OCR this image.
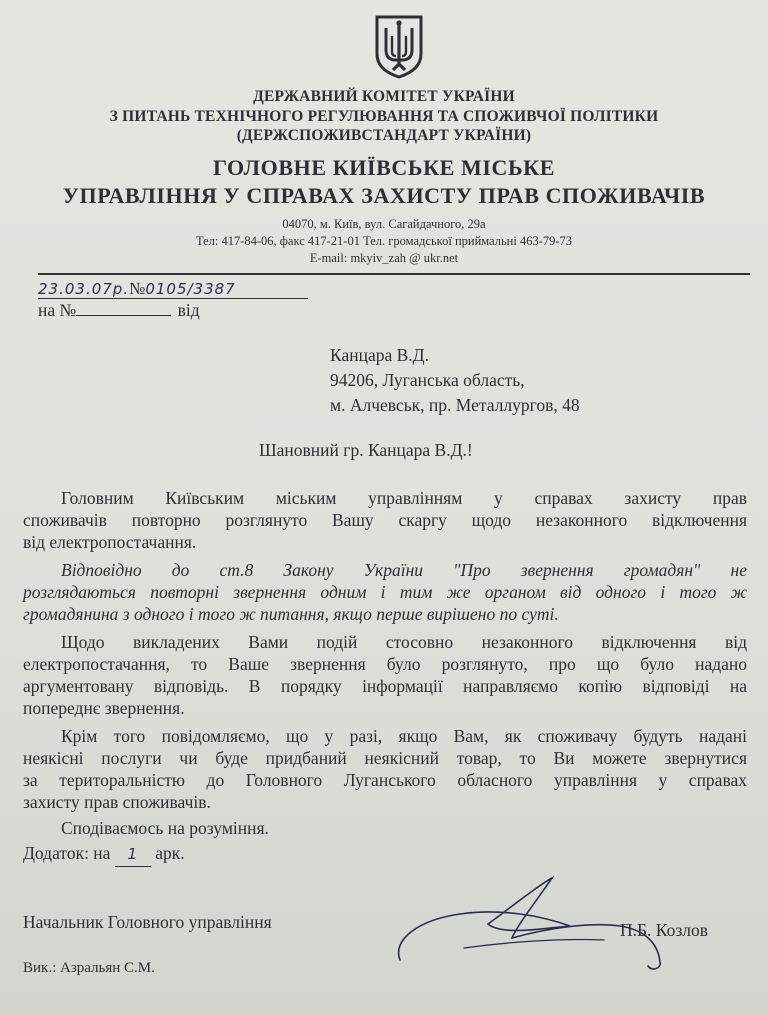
ДЕРЖАВНИЙ КОМІТЕТ УКРАЇНИ
З ПИТАНЬ ТЕХНІЧНОГО РЕГУЛЮВАННЯ ТА СПОЖИВЧОЇ ПОЛІТИКИ
(ДЕРЖСПОЖИВСТАНДАРТ УКРАЇНИ)
ГОЛОВНЕ КИЇВСЬКЕ МІСЬКЕ
УПРАВЛІННЯ У СПРАВАХ ЗАХИСТУ ПРАВ СПОЖИВАЧІВ
04070, м. Київ, вул. Сагайдачного, 29а
Тел: 417-84-06, факс 417-21-01 Тел. громадської приймальні 463-79-73
E-mail: mkyiv_zah @ ukr.net
23.03.07р.№0105/3387
на №	від
Канцара В.Д.
94206, Луганська область,
м. Алчевськ, пр. Металлургов, 48
Шановний гр. Канцара В.Д.!
Головним Київським міським управлінням у справах захисту прав
споживачів повторно розглянуто Вашу скаргу щодо незаконного відключення
від електропостачання.
Відповідно до ст.8 Закону України "Про звернення громадян" не
розглядаються повторні звернення одним і тим же органом від одного і того ж
громадянина з одного і того ж питання, якщо перше вирішено по суті.
Щодо викладених Вами подій стосовно незаконного відключення від
електропостачання, то Ваше звернення було розглянуто, про що було надано
аргументовану відповідь. В порядку інформації направляємо копію відповіді на
попереднє звернення.
Крім того повідомляємо, що у разі, якщо Вам, як споживачу будуть надані
неякісні послуги чи буде придбаний неякісний товар, то Ви можете звернутися
за територальністю до Головного Луганського обласного управління у справах
захисту прав споживачів.
Сподіваємось на розуміння.
Додаток: на 1 арк.
Начальник Головного управління	П.Б. Козлов
Вик.: Азральян С.М.
